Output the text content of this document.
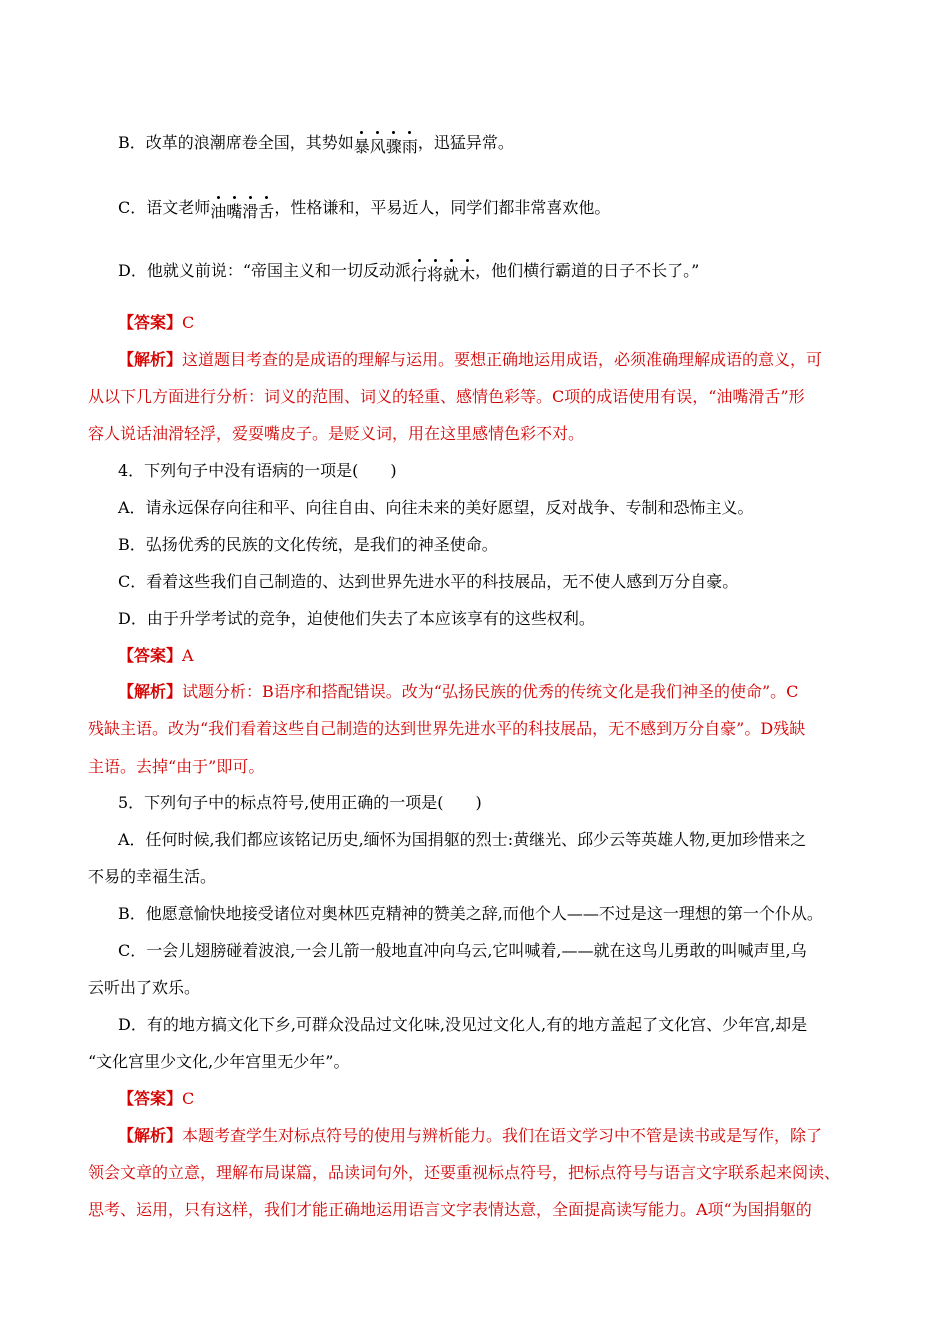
B．改革的浪潮席卷全国，其势如暴风骤雨，迅猛异常。
C．语文老师油嘴滑舌，性格谦和，平易近人，同学们都非常喜欢他。
D．他就义前说：“帝国主义和一切反动派行将就木，他们横行霸道的日子不长了。”
【答案】C
【解析】这道题目考查的是成语的理解与运用。要想正确地运用成语，必须准确理解成语的意义，可
从以下几方面进行分析：词义的范围、词义的轻重、感情色彩等。C项的成语使用有误，“油嘴滑舌”形
容人说话油滑轻浮，爱耍嘴皮子。是贬义词，用在这里感情色彩不对。
4．下列句子中没有语病的一项是(　　)
A．请永远保存向往和平、向往自由、向往未来的美好愿望，反对战争、专制和恐怖主义。
B．弘扬优秀的民族的文化传统，是我们的神圣使命。
C．看着这些我们自己制造的、达到世界先进水平的科技展品，无不使人感到万分自豪。
D．由于升学考试的竞争，迫使他们失去了本应该享有的这些权利。
【答案】A
【解析】试题分析：B语序和搭配错误。改为“弘扬民族的优秀的传统文化是我们神圣的使命”。C
残缺主语。改为“我们看着这些自己制造的达到世界先进水平的科技展品，无不感到万分自豪”。D残缺
主语。去掉“由于”即可。
5．下列句子中的标点符号,使用正确的一项是(　　)
A．任何时候,我们都应该铭记历史,缅怀为国捐躯的烈士:黄继光、邱少云等英雄人物,更加珍惜来之
不易的幸福生活。
B．他愿意愉快地接受诸位对奥林匹克精神的赞美之辞,而他个人——不过是这一理想的第一个仆从。
C．一会儿翅膀碰着波浪,一会儿箭一般地直冲向乌云,它叫喊着,——就在这鸟儿勇敢的叫喊声里,乌
云听出了欢乐。
D．有的地方搞文化下乡,可群众没品过文化味,没见过文化人,有的地方盖起了文化宫、少年宫,却是
“文化宫里少文化,少年宫里无少年”。
【答案】C
【解析】本题考查学生对标点符号的使用与辨析能力。我们在语文学习中不管是读书或是写作，除了
领会文章的立意，理解布局谋篇，品读词句外，还要重视标点符号，把标点符号与语言文字联系起来阅读、
思考、运用，只有这样，我们才能正确地运用语言文字表情达意，全面提高读写能力。A项“为国捐躯的
